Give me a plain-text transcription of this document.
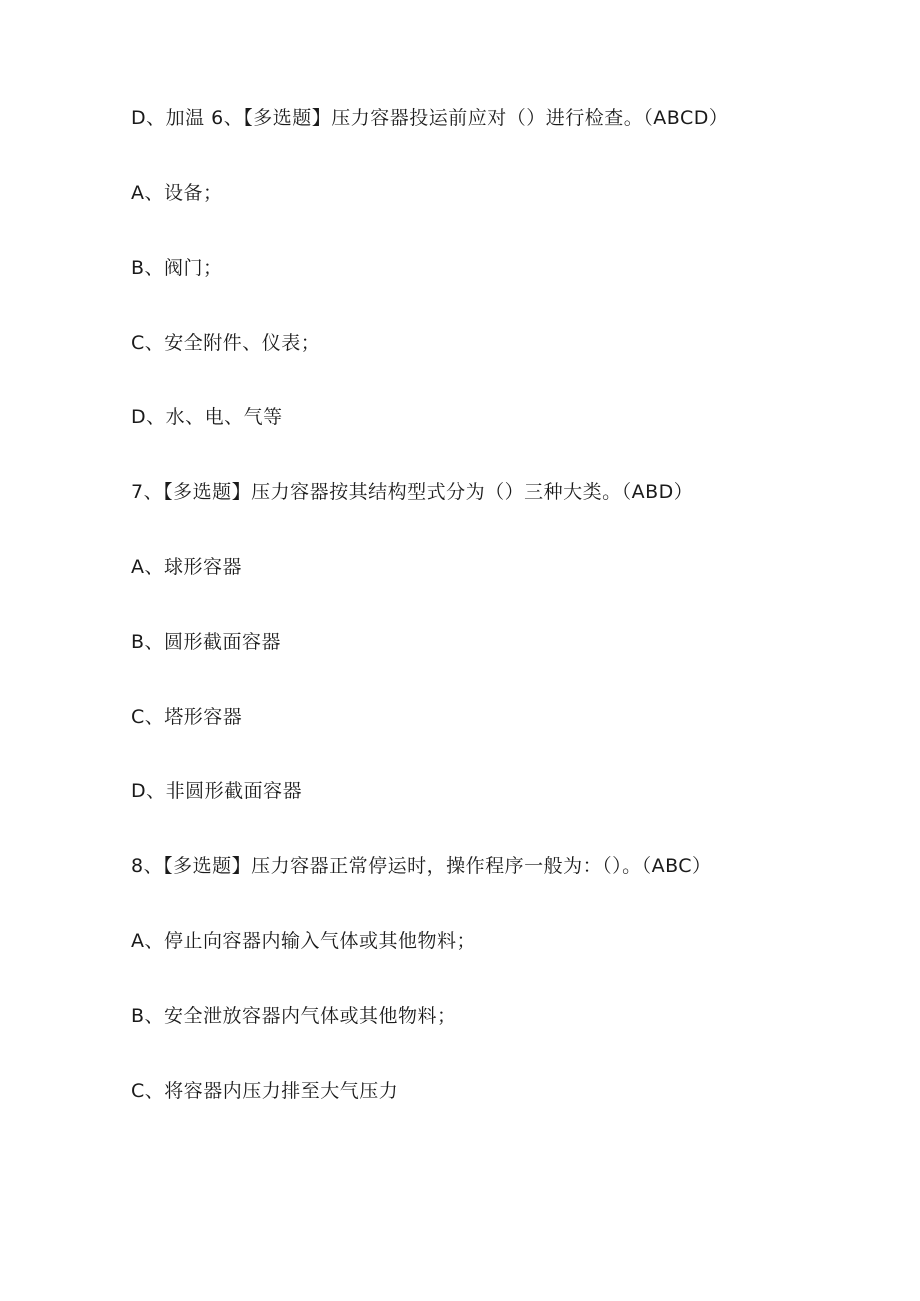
D、加温 6、【多选题】压力容器投运前应对（）进行检查。（ABCD）
A、设备；
B、阀门；
C、安全附件、仪表；
D、水、电、气等
7、【多选题】压力容器按其结构型式分为（）三种大类。（ABD）
A、球形容器
B、圆形截面容器
C、塔形容器
D、非圆形截面容器
8、【多选题】压力容器正常停运时，操作程序一般为：（）。（ABC）
A、停止向容器内输入气体或其他物料；
B、安全泄放容器内气体或其他物料；
C、将容器内压力排至大气压力
